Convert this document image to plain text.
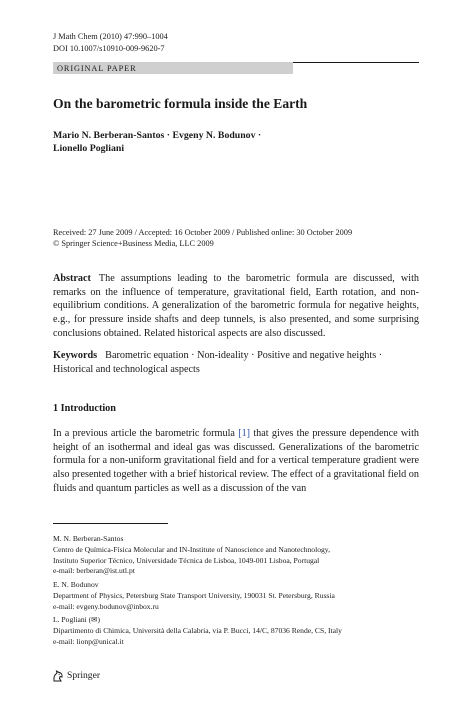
J Math Chem (2010) 47:990–1004
DOI 10.1007/s10910-009-9620-7
ORIGINAL PAPER
On the barometric formula inside the Earth
Mario N. Berberan-Santos · Evgeny N. Bodunov ·
Lionello Pogliani
Received: 27 June 2009 / Accepted: 16 October 2009 / Published online: 30 October 2009
© Springer Science+Business Media, LLC 2009
Abstract The assumptions leading to the barometric formula are discussed, with remarks on the influence of temperature, gravitational field, Earth rotation, and non-equilibrium conditions. A generalization of the barometric formula for negative heights, e.g., for pressure inside shafts and deep tunnels, is also presented, and some surprising conclusions obtained. Related historical aspects are also discussed.
Keywords Barometric equation · Non-ideality · Positive and negative heights · Historical and technological aspects
1 Introduction
In a previous article the barometric formula [1] that gives the pressure dependence with height of an isothermal and ideal gas was discussed. Generalizations of the barometric formula for a non-uniform gravitational field and for a vertical temperature gradient were also presented together with a brief historical review. The effect of a gravitational field on fluids and quantum particles as well as a discussion of the van
M. N. Berberan-Santos
Centro de Química-Física Molecular and IN-Institute of Nanoscience and Nanotechnology,
Instituto Superior Técnico, Universidade Técnica de Lisboa, 1049-001 Lisboa, Portugal
e-mail: berberan@ist.utl.pt
E. N. Bodunov
Department of Physics, Petersburg State Transport University, 190031 St. Petersburg, Russia
e-mail: evgeny.bodunov@inbox.ru
L. Pogliani (✉)
Dipartimento di Chimica, Università della Calabria, via P. Bucci, 14/C, 87036 Rende, CS, Italy
e-mail: lionp@unical.it
Springer
